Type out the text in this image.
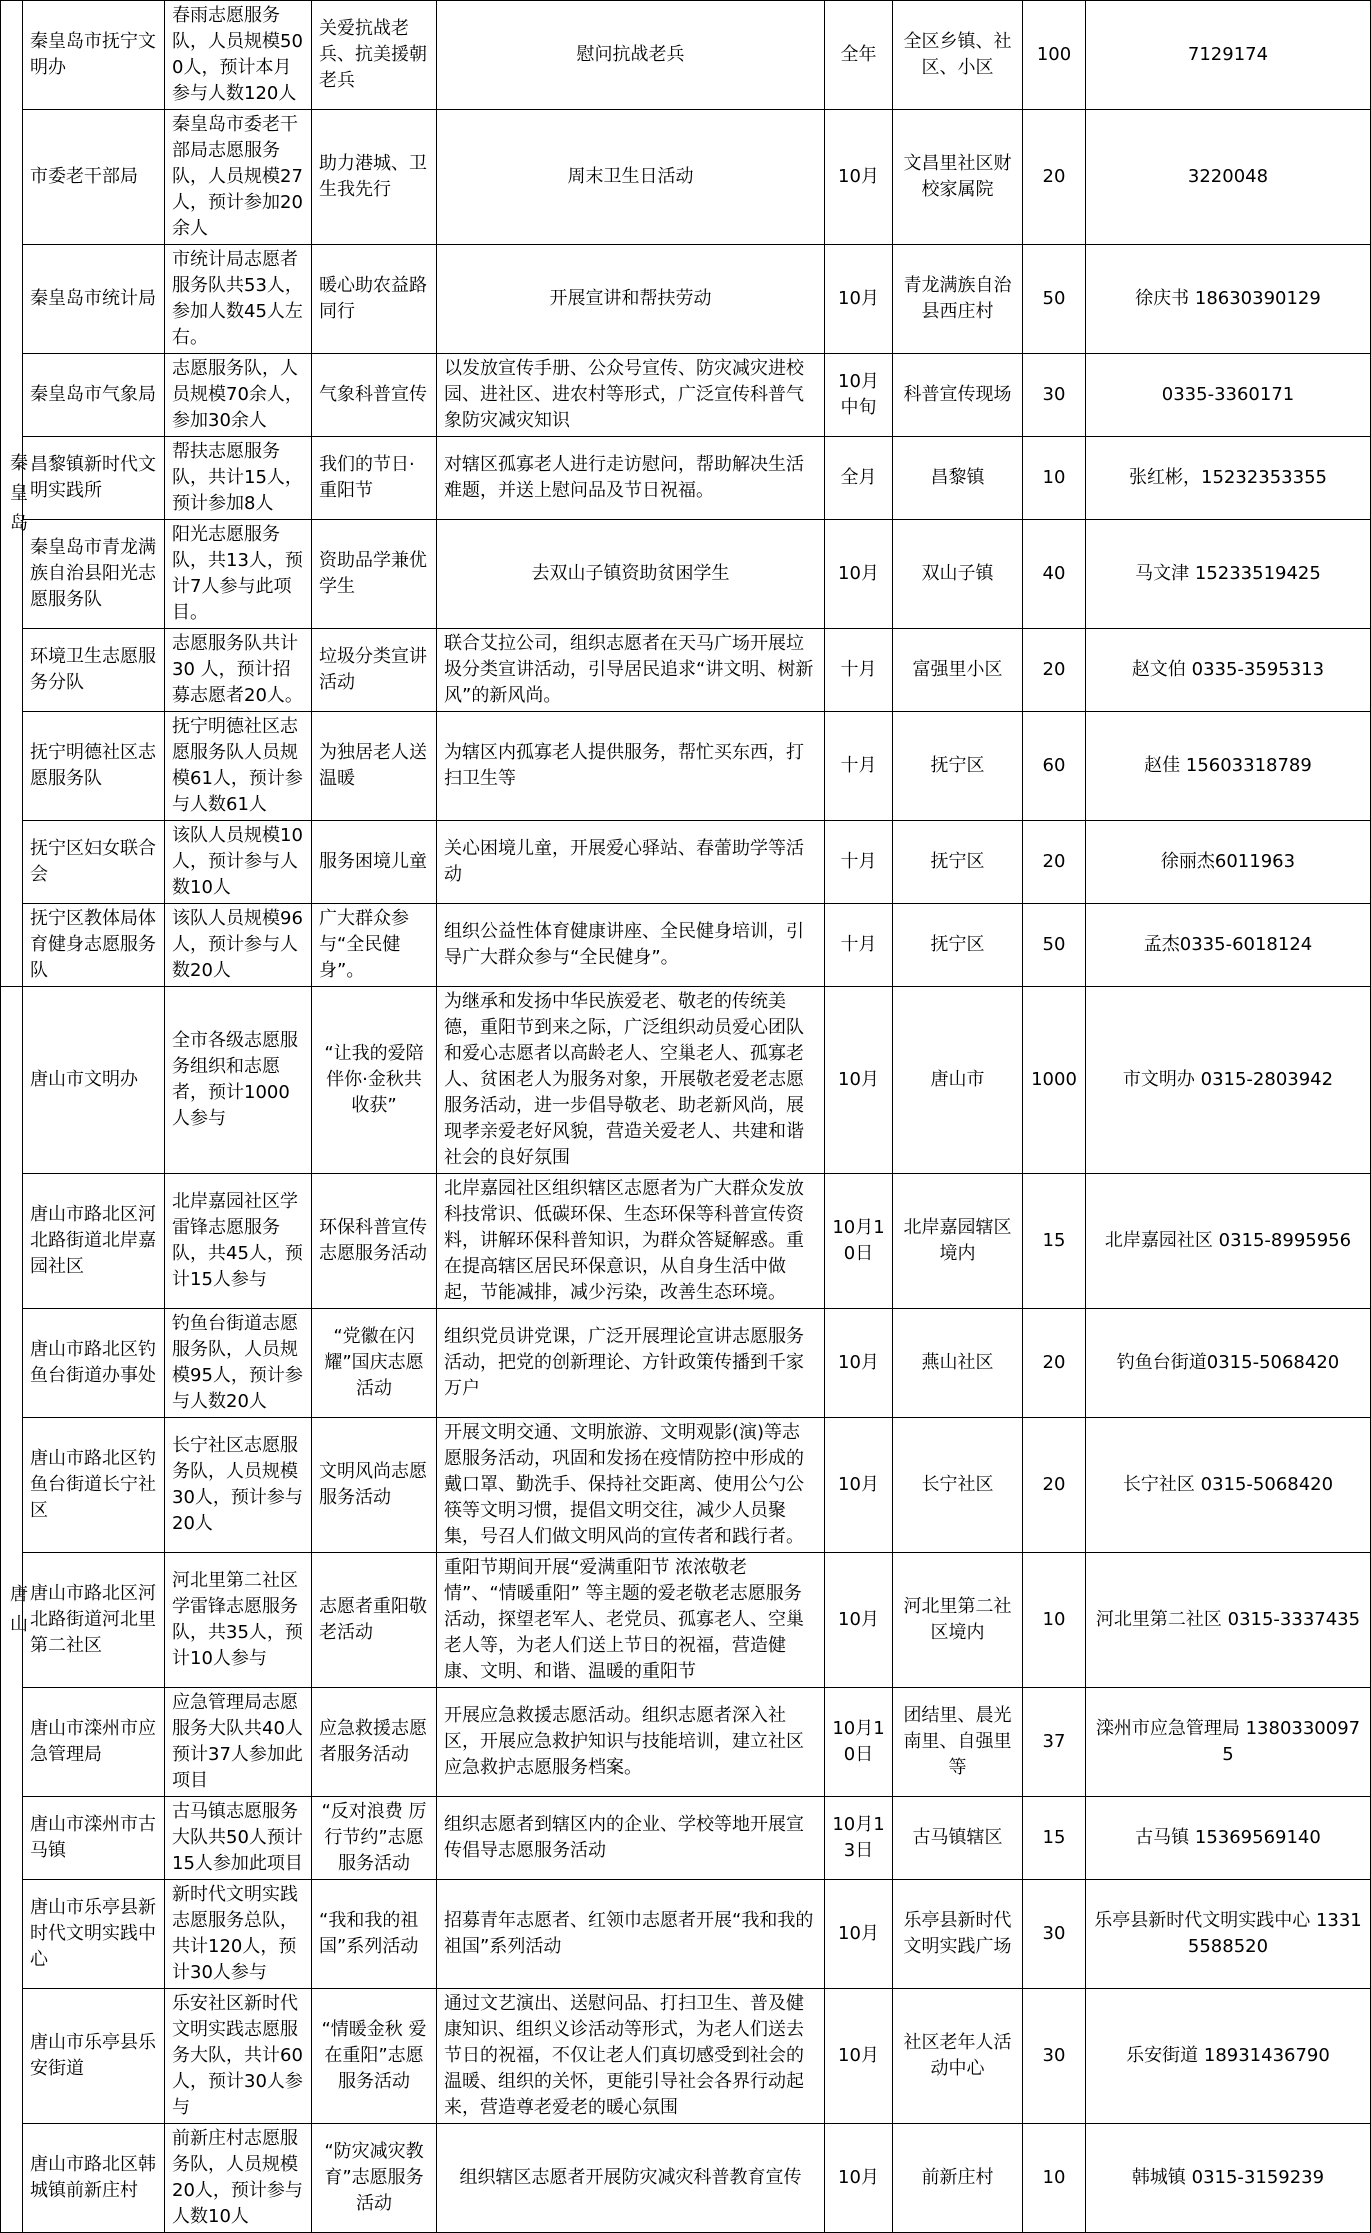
秦皇岛	秦皇岛市抚宁文明办	春雨志愿服务队，人员规模500人，预计本月参与人数120人	关爱抗战老兵、抗美援朝老兵	慰问抗战老兵	全年	全区乡镇、社区、小区	100	7129174
	市委老干部局	秦皇岛市委老干部局志愿服务队，人员规模27人，预计参加20余人	助力港城、卫生我先行	周末卫生日活动	10月	文昌里社区财校家属院	20	3220048
	秦皇岛市统计局	市统计局志愿者服务队共53人，参加人数45人左右。	暖心助农益路同行	开展宣讲和帮扶劳动	10月	青龙满族自治县西庄村	50	徐庆书 18630390129
	秦皇岛市气象局	志愿服务队，人员规模70余人，参加30余人	气象科普宣传	以发放宣传手册、公众号宣传、防灾减灾进校园、进社区、进农村等形式，广泛宣传科普气象防灾减灾知识	10月中旬	科普宣传现场	30	0335-3360171
	昌黎镇新时代文明实践所	帮扶志愿服务队，共计15人，预计参加8人	我们的节日·重阳节	对辖区孤寡老人进行走访慰问，帮助解决生活难题，并送上慰问品及节日祝福。	全月	昌黎镇	10	张红彬，15232353355
	秦皇岛市青龙满族自治县阳光志愿服务队	阳光志愿服务队，共13人，预计7人参与此项目。	资助品学兼优学生	去双山子镇资助贫困学生	10月	双山子镇	40	马文津 15233519425
	环境卫生志愿服务分队	志愿服务队共计30 人，预计招募志愿者20人。	垃圾分类宣讲活动	联合艾拉公司，组织志愿者在天马广场开展垃圾分类宣讲活动，引导居民追求“讲文明、树新风”的新风尚。	十月	富强里小区	20	赵文伯 0335-3595313
	抚宁明德社区志愿服务队	抚宁明德社区志愿服务队人员规模61人，预计参与人数61人	为独居老人送温暖	为辖区内孤寡老人提供服务，帮忙买东西，打扫卫生等	十月	抚宁区	60	赵佳 15603318789
	抚宁区妇女联合会	该队人员规模10人，预计参与人数10人	服务困境儿童	关心困境儿童，开展爱心驿站、春蕾助学等活动	十月	抚宁区	20	徐丽杰6011963
	抚宁区教体局体育健身志愿服务队	该队人员规模96人，预计参与人数20人	广大群众参与“全民健身”。	组织公益性体育健康讲座、全民健身培训，引导广大群众参与“全民健身”。	十月	抚宁区	50	孟杰0335-6018124
唐山	唐山市文明办	全市各级志愿服务组织和志愿者，预计1000人参与	“让我的爱陪伴你·金秋共收获”	为继承和发扬中华民族爱老、敬老的传统美德，重阳节到来之际，广泛组织动员爱心团队和爱心志愿者以高龄老人、空巢老人、孤寡老人、贫困老人为服务对象，开展敬老爱老志愿服务活动，进一步倡导敬老、助老新风尚，展现孝亲爱老好风貌，营造关爱老人、共建和谐社会的良好氛围	10月	唐山市	1000	市文明办 0315-2803942
	唐山市路北区河北路街道北岸嘉园社区	北岸嘉园社区学雷锋志愿服务队，共45人，预计15人参与	环保科普宣传志愿服务活动	北岸嘉园社区组织辖区志愿者为广大群众发放科技常识、低碳环保、生态环保等科普宣传资料，讲解环保科普知识，为群众答疑解惑。重在提高辖区居民环保意识，从自身生活中做起，节能减排，减少污染，改善生态环境。	10月10日	北岸嘉园辖区境内	15	北岸嘉园社区 0315-8995956
	唐山市路北区钓鱼台街道办事处	钓鱼台街道志愿服务队，人员规模95人，预计参与人数20人	“党徽在闪耀”国庆志愿活动	组织党员讲党课，广泛开展理论宣讲志愿服务活动，把党的创新理论、方针政策传播到千家万户	10月	燕山社区	20	钓鱼台街道0315-5068420
	唐山市路北区钓鱼台街道长宁社区	长宁社区志愿服务队，人员规模30人，预计参与20人	文明风尚志愿服务活动	开展文明交通、文明旅游、文明观影(演)等志愿服务活动，巩固和发扬在疫情防控中形成的戴口罩、勤洗手、保持社交距离、使用公勺公筷等文明习惯，提倡文明交往，减少人员聚集，号召人们做文明风尚的宣传者和践行者。	10月	长宁社区	20	长宁社区 0315-5068420
	唐山市路北区河北路街道河北里第二社区	河北里第二社区学雷锋志愿服务队，共35人，预计10人参与	志愿者重阳敬老活动	重阳节期间开展“爱满重阳节 浓浓敬老情”、“情暖重阳” 等主题的爱老敬老志愿服务活动，探望老军人、老党员、孤寡老人、空巢老人等，为老人们送上节日的祝福，营造健康、文明、和谐、温暖的重阳节	10月	河北里第二社区境内	10	河北里第二社区 0315-3337435
	唐山市滦州市应急管理局	应急管理局志愿服务大队共40人预计37人参加此项目	应急救援志愿者服务活动	开展应急救援志愿活动。组织志愿者深入社区，开展应急救护知识与技能培训，建立社区应急救护志愿服务档案。	10月10日	团结里、晨光南里、自强里等	37	滦州市应急管理局 13803300975
	唐山市滦州市古马镇	古马镇志愿服务大队共50人预计15人参加此项目	“反对浪费 厉行节约”志愿服务活动	组织志愿者到辖区内的企业、学校等地开展宣传倡导志愿服务活动	10月13日	古马镇辖区	15	古马镇 15369569140
	唐山市乐亭县新时代文明实践中心	新时代文明实践志愿服务总队，共计120人，预计30人参与	“我和我的祖国”系列活动	招募青年志愿者、红领巾志愿者开展“我和我的祖国”系列活动	10月	乐亭县新时代文明实践广场	30	乐亭县新时代文明实践中心 13315588520
	唐山市乐亭县乐安街道	乐安社区新时代文明实践志愿服务大队，共计60人，预计30人参与	“情暖金秋 爱在重阳”志愿服务活动	通过文艺演出、送慰问品、打扫卫生、普及健康知识、组织义诊活动等形式，为老人们送去节日的祝福，不仅让老人们真切感受到社会的温暖、组织的关怀，更能引导社会各界行动起来，营造尊老爱老的暖心氛围	10月	社区老年人活动中心	30	乐安街道 18931436790
	唐山市路北区韩城镇前新庄村	前新庄村志愿服务队，人员规模20人，预计参与人数10人	“防灾减灾教育”志愿服务活动	组织辖区志愿者开展防灾减灾科普教育宣传	10月	前新庄村	10	韩城镇 0315-3159239
